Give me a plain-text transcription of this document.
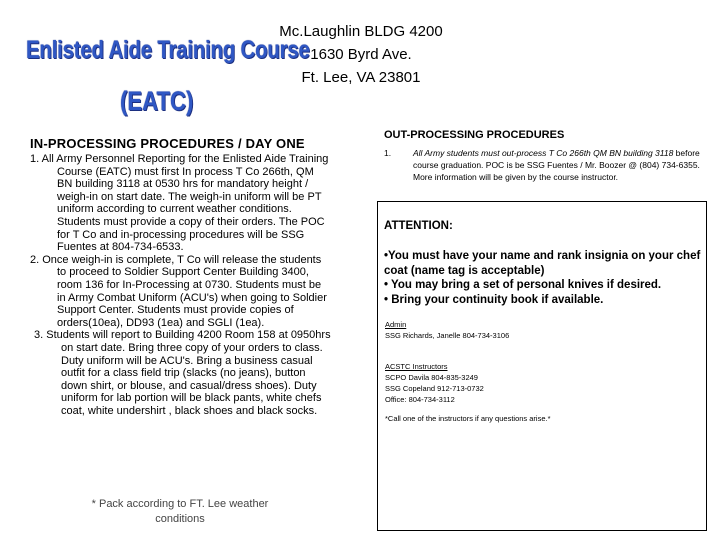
Enlisted Aide Training Course
(EATC)
Mc.Laughlin BLDG 4200
1630 Byrd Ave.
Ft. Lee, VA 23801
IN-PROCESSING PROCEDURES / DAY ONE

1. All Army Personnel Reporting for the Enlisted Aide Training Course (EATC) must first In process T Co 266th, QM BN building 3118 at 0530 hrs for mandatory height / weigh-in on start date. The weigh-in uniform will be PT uniform according to current weather conditions. Students must provide a copy of their orders. The POC for T Co and in-processing procedures will be SSG Fuentes at 804-734-6533.

2. Once weigh-in is complete, T Co will release the students to proceed to Soldier Support Center Building 3400, room 136 for In-Processing at 0730. Students must be in Army Combat Uniform (ACU's) when going to Soldier Support Center. Students must provide copies of orders(10ea), DD93 (1ea) and SGLI (1ea).

3. Students will report to Building 4200 Room 158 at 0950hrs on start date. Bring three copy of your orders to class. Duty uniform will be ACU's. Bring a business casual outfit for a class field trip (slacks (no jeans), button down shirt, or blouse, and casual/dress shoes). Duty uniform for lab portion will be black pants, white chefs coat, white undershirt , black shoes and black socks.

* Pack according to FT. Lee weather conditions
OUT-PROCESSING PROCEDURES
1.	All Army students must out-process T Co 266th QM BN building 3118 before course graduation. POC is be SSG Fuentes / Mr. Boozer @ (804) 734-6355. More information will be given by the course instructor.
ATTENTION:
•You must have your name and rank insignia on your chef coat (name tag is acceptable)
• You may bring a set of personal knives if desired.
• Bring your continuity book if available.
Admin
SSG Richards, Janelle 804-734-3106
ACSTC Instructors
SCPO Davila 804-835-3249
SSG Copeland 912-713-0732
Office: 804-734-3112
*Call one of the instructors if any questions arise.*
